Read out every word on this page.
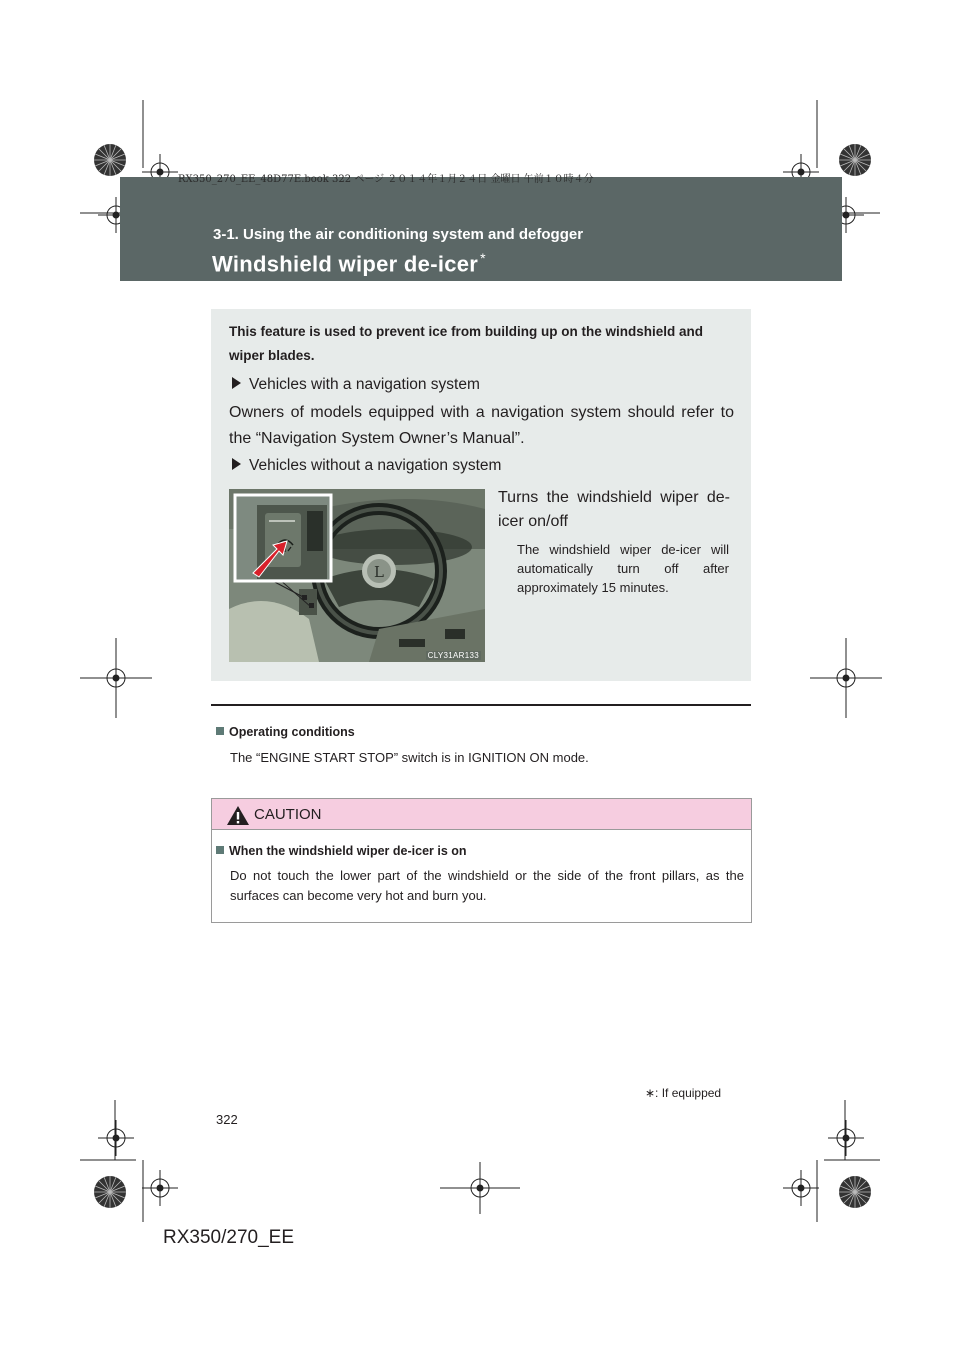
RX350_270_EE_48D77E.book 322 ページ ２０１４年１月２４日 金曜日 午前１０時４分
3-1. Using the air conditioning system and defogger
Windshield wiper de-icer *
This feature is used to prevent ice from building up on the windshield and wiper blades.
Vehicles with a navigation system
Owners of models equipped with a navigation system should refer to the “Navigation System Owner’s Manual”.
Vehicles without a navigation system
L
CLY31AR133
Turns the windshield wiper de-icer on/off
The windshield wiper de-icer will automatically turn off after approximately 15 minutes.
Operating conditions
The “ENGINE START STOP” switch is in IGNITION ON mode.
CAUTION
When the windshield wiper de-icer is on
Do not touch the lower part of the windshield or the side of the front pillars, as the surfaces can become very hot and burn you.
∗: If equipped
322
RX350/270_EE
